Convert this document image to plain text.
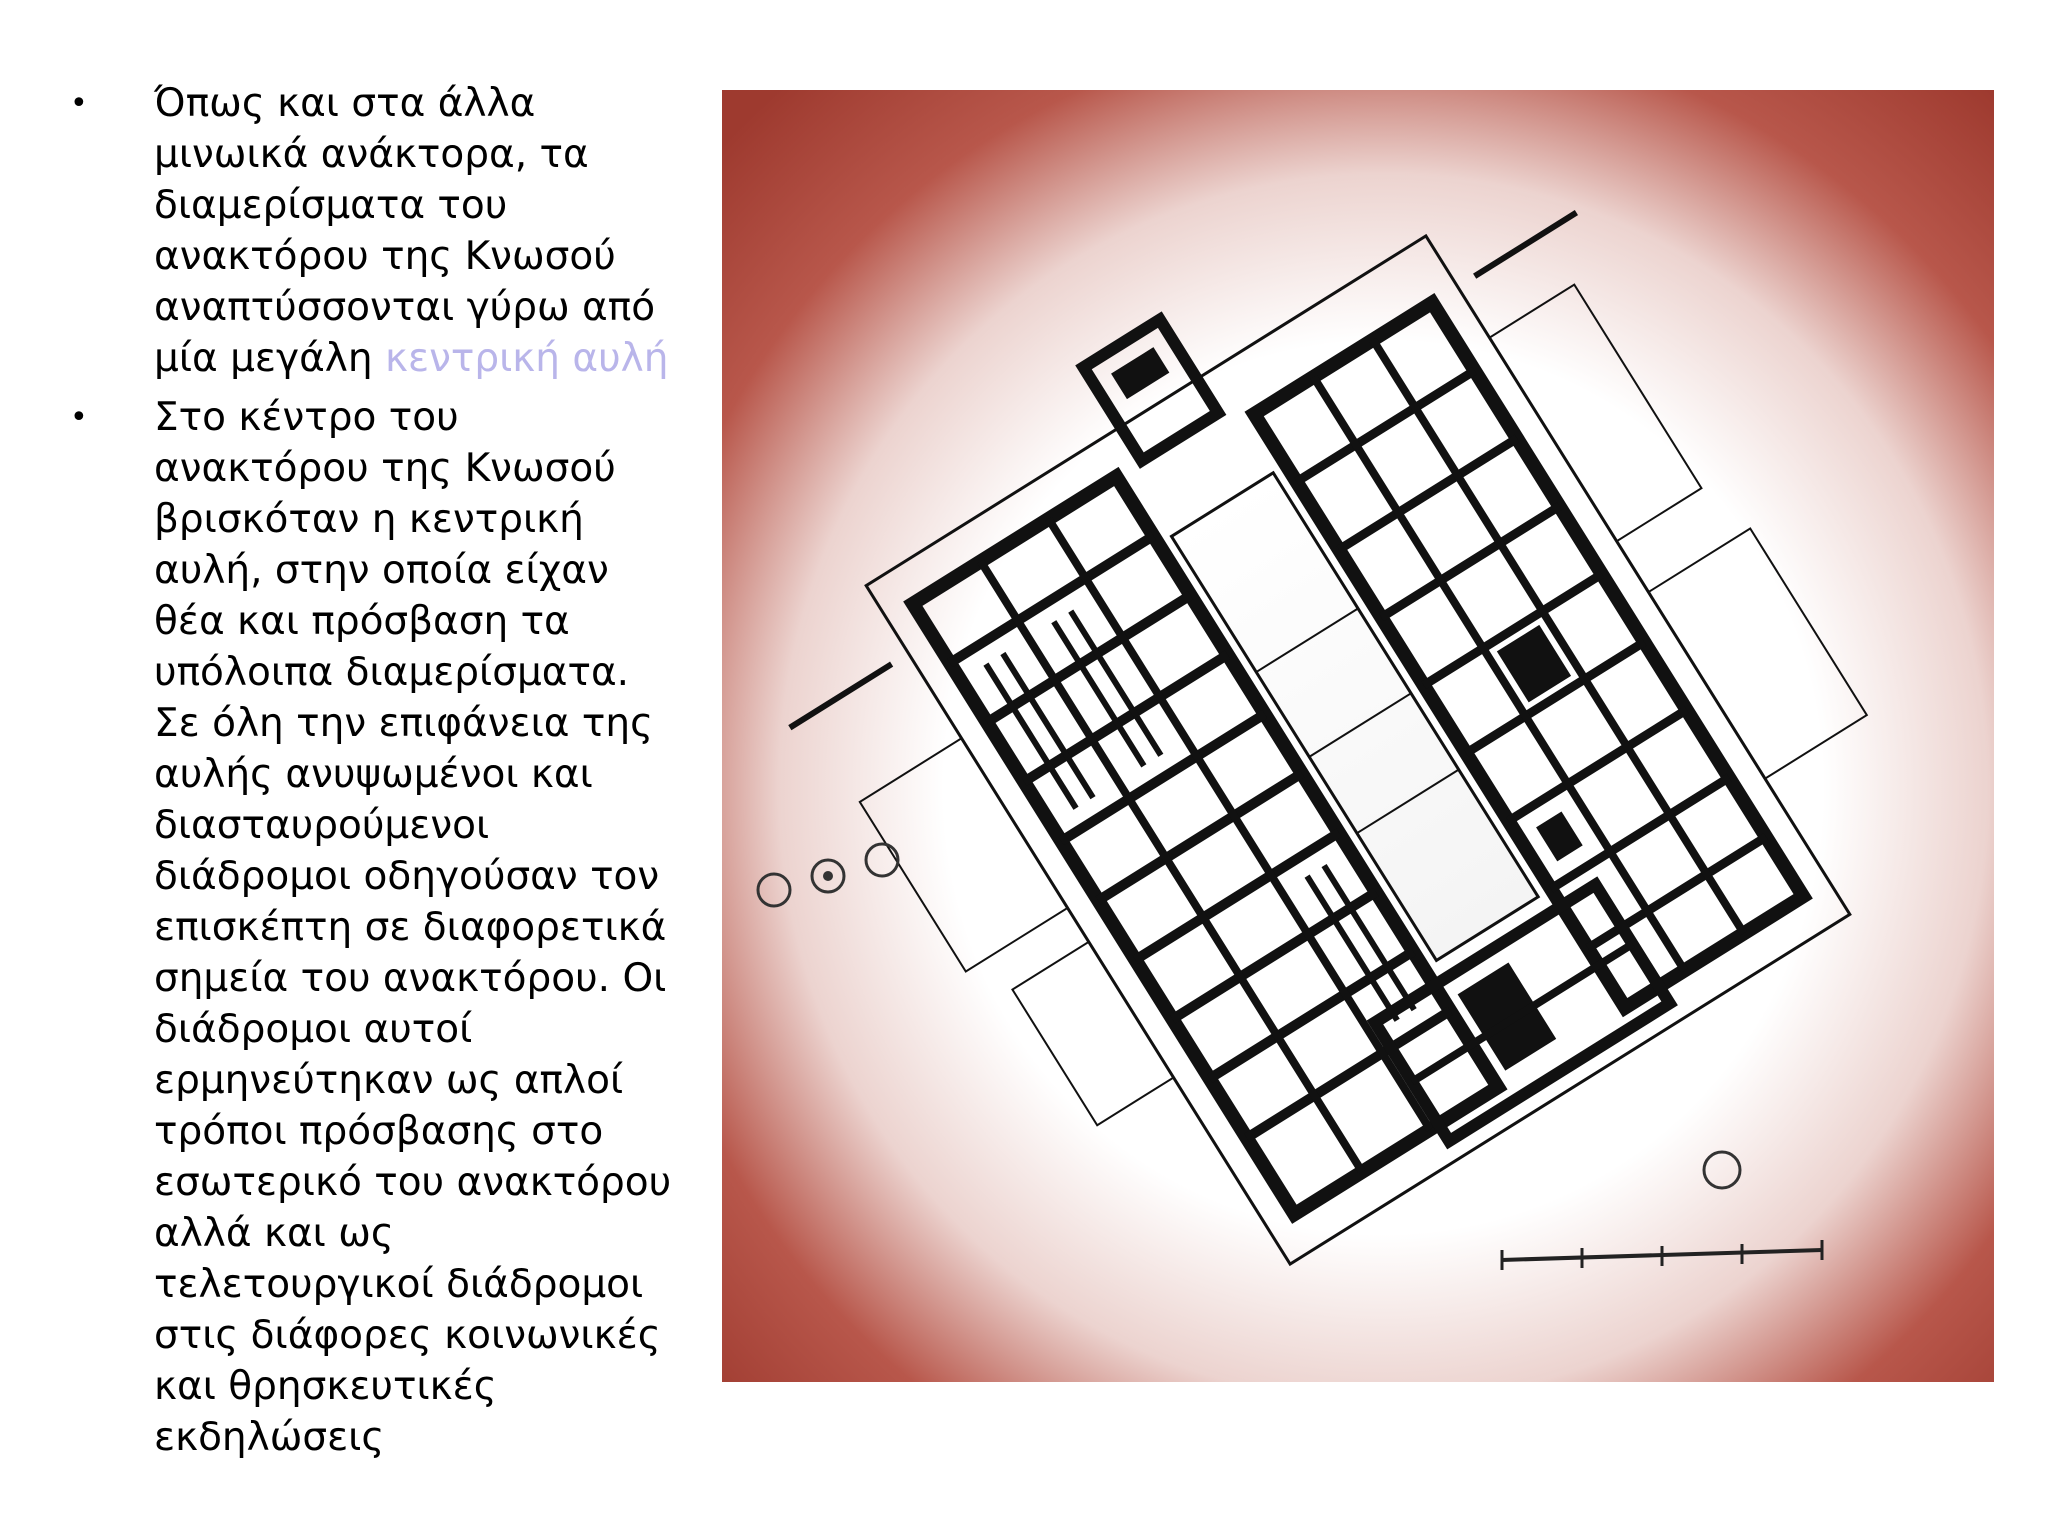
• Όπως και στα άλλα
μινωικά ανάκτορα, τα
διαμερίσματα του
ανακτόρου της Κνωσού
αναπτύσσονται γύρω από
μία μεγάλη κεντρική αυλή
• Στο κέντρο του
ανακτόρου της Κνωσού
βρισκόταν η κεντρική
αυλή, στην οποία είχαν
θέα και πρόσβαση τα
υπόλοιπα διαμερίσματα.
Σε όλη την επιφάνεια της
αυλής ανυψωμένοι και
διασταυρούμενοι
διάδρομοι οδηγούσαν τον
επισκέπτη σε διαφορετικά
σημεία του ανακτόρου. Οι
διάδρομοι αυτοί
ερμηνεύτηκαν ως απλοί
τρόποι πρόσβασης στο
εσωτερικό του ανακτόρου
αλλά και ως
τελετουργικοί διάδρομοι
στις διάφορες κοινωνικές
και θρησκευτικές
εκδηλώσεις
